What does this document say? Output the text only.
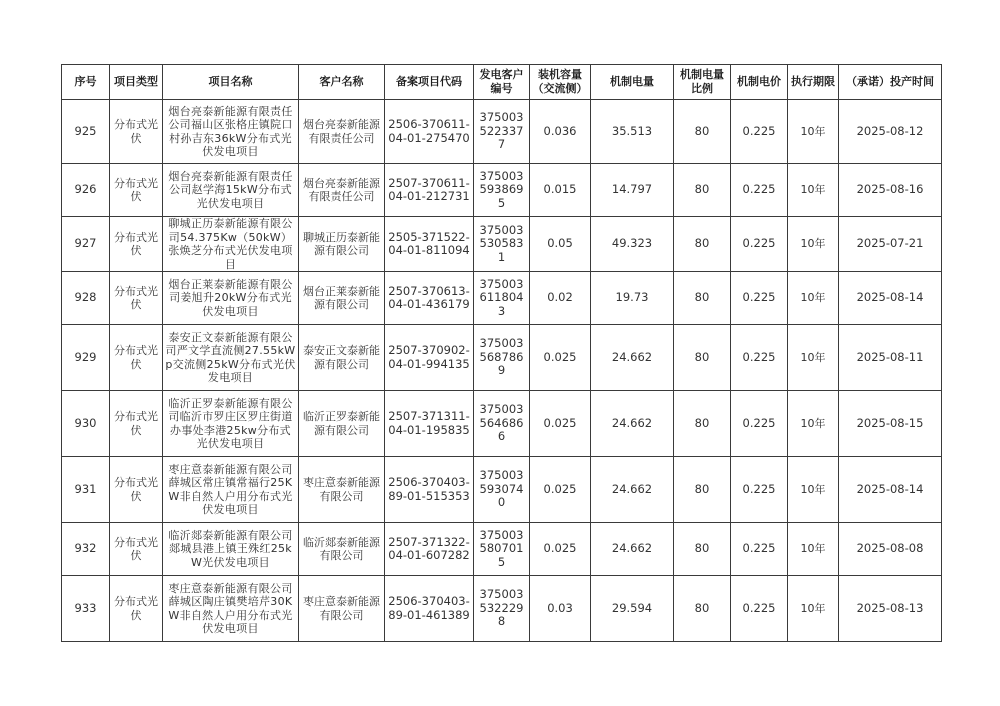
序号	项目类型	项目名称	客户名称	备案项目代码	发电客户编号	装机容量（交流侧）	机制电量	机制电量比例	机制电价	执行期限	（承诺）投产时间
925	分布式光伏	烟台亮泰新能源有限责任公司福山区张格庄镇院口村孙吉东36kW分布式光伏发电项目	烟台亮泰新能源有限责任公司	2506-370611-04-01-275470	3750035223377	0.036	35.513	80	0.225	10年	2025-08-12
926	分布式光伏	烟台亮泰新能源有限责任公司赵学海15kW分布式光伏发电项目	烟台亮泰新能源有限责任公司	2507-370611-04-01-212731	3750035938695	0.015	14.797	80	0.225	10年	2025-08-16
927	分布式光伏	聊城正历泰新能源有限公司54.375Kw（50kW）张焕芝分布式光伏发电项目	聊城正历泰新能源有限公司	2505-371522-04-01-811094	3750035305831	0.05	49.323	80	0.225	10年	2025-07-21
928	分布式光伏	烟台正莱泰新能源有限公司姜旭升20kW分布式光伏发电项目	烟台正莱泰新能源有限公司	2507-370613-04-01-436179	3750036118043	0.02	19.73	80	0.225	10年	2025-08-14
929	分布式光伏	泰安正文泰新能源有限公司严文学直流侧27.55kWp交流侧25kW分布式光伏发电项目	泰安正文泰新能源有限公司	2507-370902-04-01-994135	3750035687869	0.025	24.662	80	0.225	10年	2025-08-11
930	分布式光伏	临沂正罗泰新能源有限公司临沂市罗庄区罗庄街道办事处李港25kw分布式光伏发电项目	临沂正罗泰新能源有限公司	2507-371311-04-01-195835	3750035646866	0.025	24.662	80	0.225	10年	2025-08-15
931	分布式光伏	枣庄意泰新能源有限公司薛城区常庄镇常福行25KW非自然人户用分布式光伏发电项目	枣庄意泰新能源有限公司	2506-370403-89-01-515353	3750035930740	0.025	24.662	80	0.225	10年	2025-08-14
932	分布式光伏	临沂郯泰新能源有限公司郯城县港上镇王殊红25kW光伏发电项目	临沂郯泰新能源有限公司	2507-371322-04-01-607282	3750035807015	0.025	24.662	80	0.225	10年	2025-08-08
933	分布式光伏	枣庄意泰新能源有限公司薛城区陶庄镇樊培芹30KW非自然人户用分布式光伏发电项目	枣庄意泰新能源有限公司	2506-370403-89-01-461389	3750035322298	0.03	29.594	80	0.225	10年	2025-08-13
